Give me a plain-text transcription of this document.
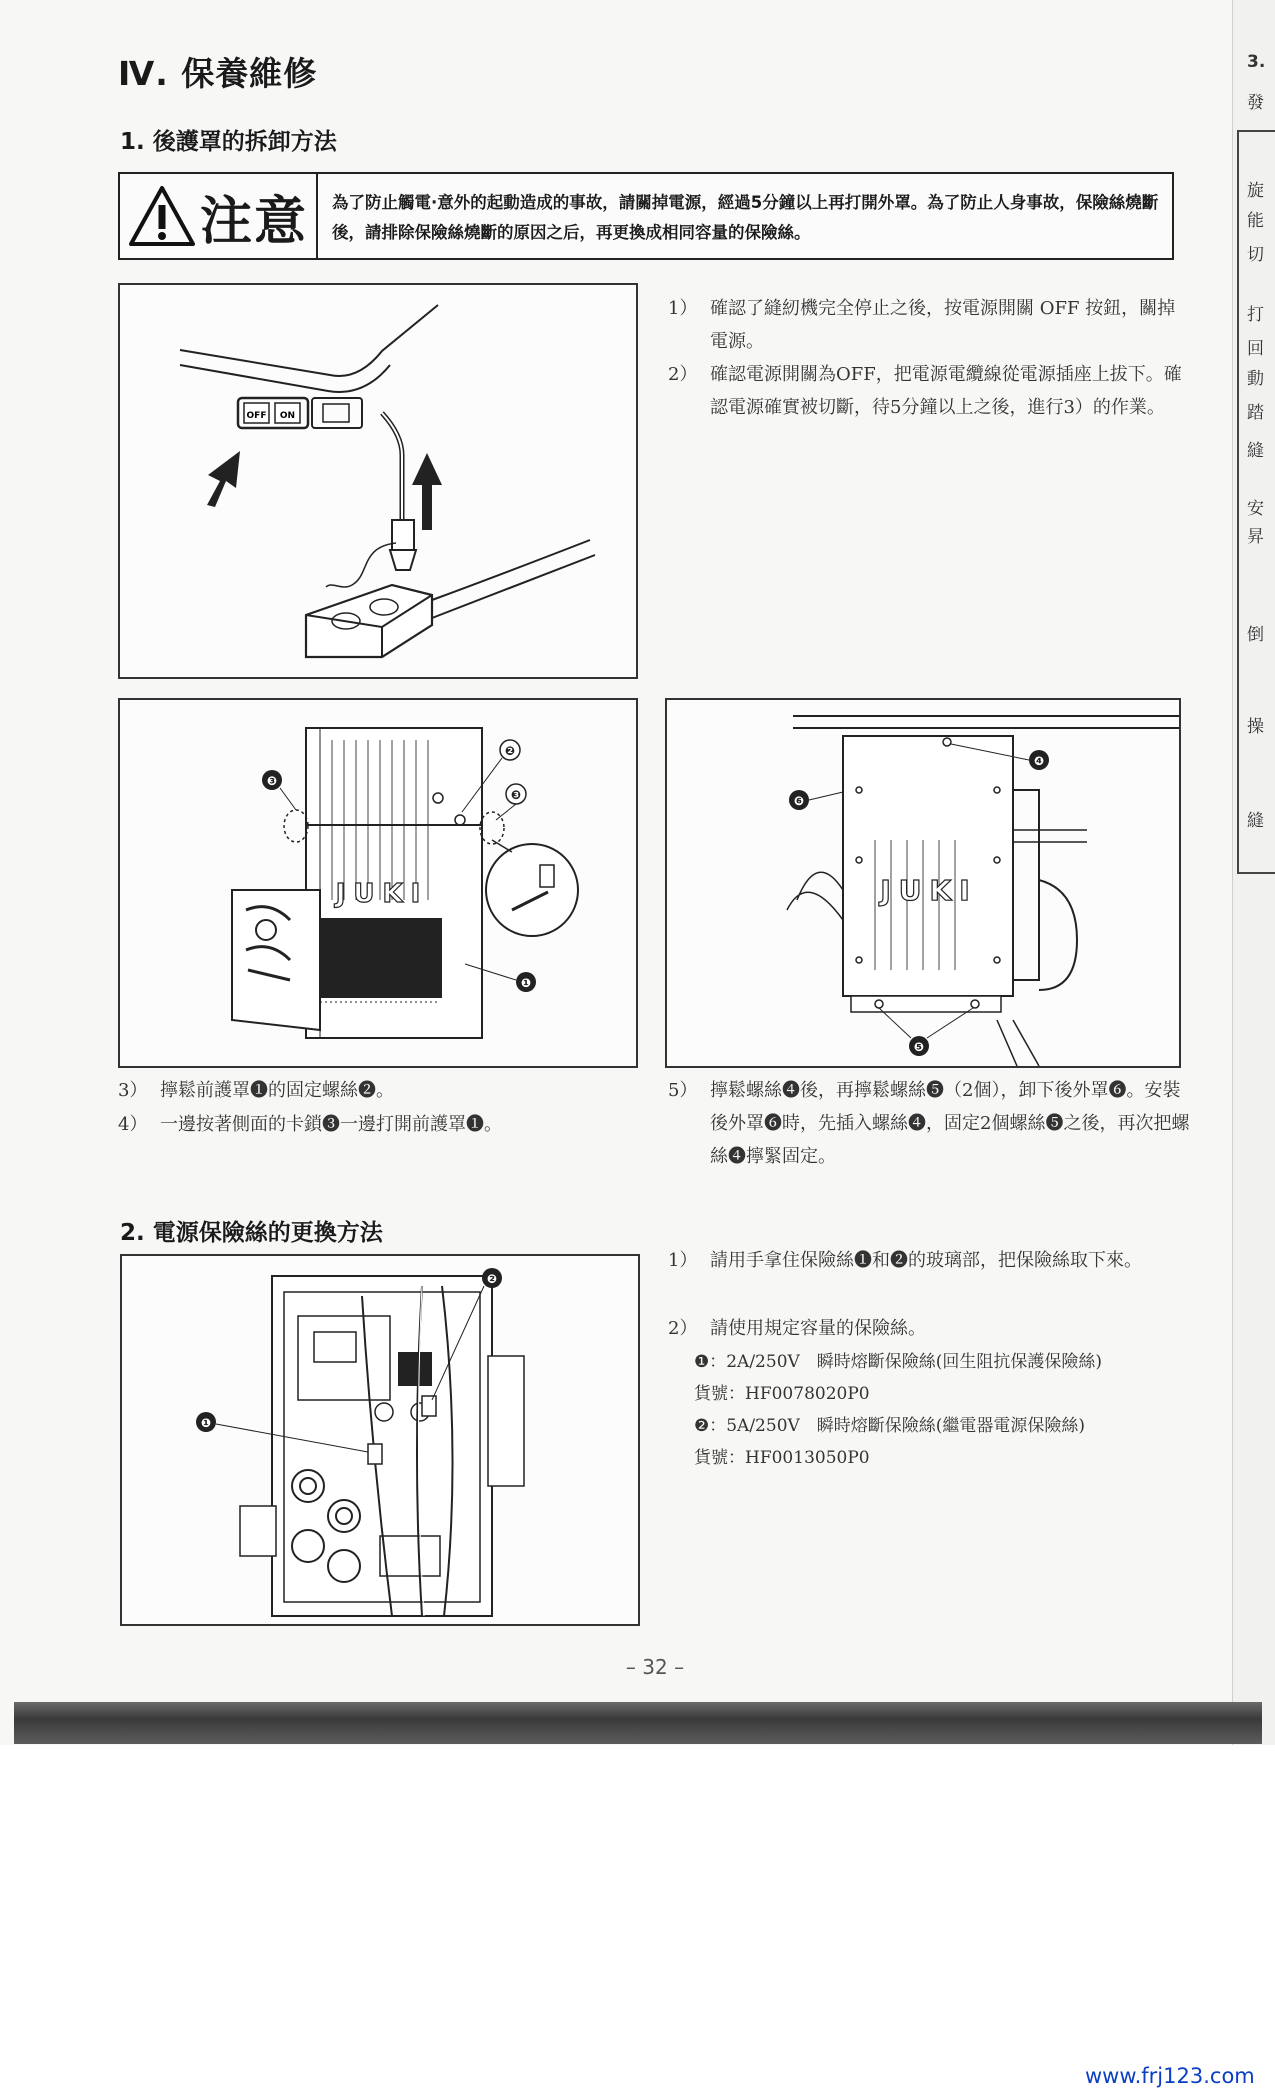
3.
發
旋
能
切
打
回
動
踏
縫
安
昇
倒
操
縫
Ⅳ. 保養維修
1. 後護罩的拆卸方法
注意 為了防止觸電·意外的起動造成的事故，請關掉電源，經過5分鐘以上再打開外罩。為了防止人身事故，保險絲燒斷後，請排除保險絲燒斷的原因之后，再更換成相同容量的保險絲。
OFF ON
1） 確認了縫紉機完全停止之後，按電源開關 OFF 按鈕，關掉電源。
2） 確認電源開關為OFF，把電源電纜線從電源插座上拔下。確認電源確實被切斷，待5分鐘以上之後，進行3）的作業。
JUKI
❸
❷
❸
❶
JUKI
❹
❻
❺
3） 擰鬆前護罩❶的固定螺絲❷。
4） 一邊按著側面的卡鎖❸一邊打開前護罩❶。
5） 擰鬆螺絲❹後，再擰鬆螺絲❺（2個），卸下後外罩❻。安裝後外罩❻時，先插入螺絲❹，固定2個螺絲❺之後，再次把螺絲❹擰緊固定。
2. 電源保險絲的更換方法
❷
❶
1） 請用手拿住保險絲❶和❷的玻璃部，把保險絲取下來。
2） 請使用規定容量的保險絲。
❶：2A/250V　瞬時熔斷保險絲(回生阻抗保護保險絲)
貨號：HF0078020P0
❷：5A/250V　瞬時熔斷保險絲(繼電器電源保險絲)
貨號：HF0013050P0
– 32 –
www.frj123.com
